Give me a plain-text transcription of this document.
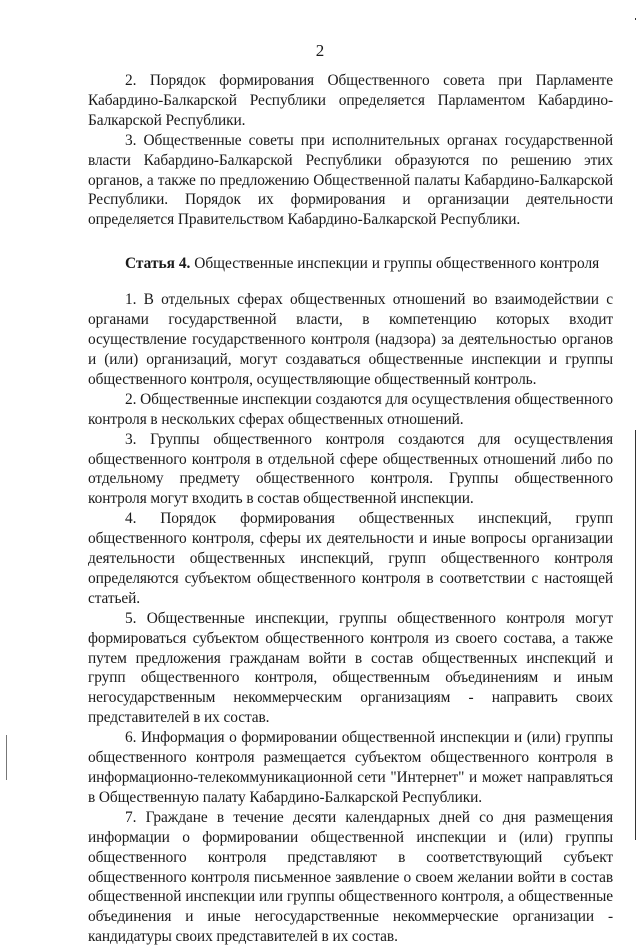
2

2. Порядок формирования Общественного совета при Парламенте Кабардино-Балкарской Республики определяется Парламентом Кабардино-Балкарской Республики.

3. Общественные советы при исполнительных органах государственной власти Кабардино-Балкарской Республики образуются по решению этих органов, а также по предложению Общественной палаты Кабардино-Балкарской Республики. Порядок их формирования и организации деятельности определяется Правительством Кабардино-Балкарской Республики.

Статья 4. Общественные инспекции и группы общественного контроля

1. В отдельных сферах общественных отношений во взаимодействии с органами государственной власти, в компетенцию которых входит осуществление государственного контроля (надзора) за деятельностью органов и (или) организаций, могут создаваться общественные инспекции и группы общественного контроля, осуществляющие общественный контроль.

2. Общественные инспекции создаются для осуществления общественного контроля в нескольких сферах общественных отношений.

3. Группы общественного контроля создаются для осуществления общественного контроля в отдельной сфере общественных отношений либо по отдельному предмету общественного контроля. Группы общественного контроля могут входить в состав общественной инспекции.

4. Порядок формирования общественных инспекций, групп общественного контроля, сферы их деятельности и иные вопросы организации деятельности общественных инспекций, групп общественного контроля определяются субъектом общественного контроля в соответствии с настоящей статьей.

5. Общественные инспекции, группы общественного контроля могут формироваться субъектом общественного контроля из своего состава, а также путем предложения гражданам войти в состав общественных инспекций и групп общественного контроля, общественным объединениям и иным негосударственным некоммерческим организациям - направить своих представителей в их состав.

6. Информация о формировании общественной инспекции и (или) группы общественного контроля размещается субъектом общественного контроля в информационно-телекоммуникационной сети "Интернет" и может направляться в Общественную палату Кабардино-Балкарской Республики.

7. Граждане в течение десяти календарных дней со дня размещения информации о формировании общественной инспекции и (или) группы общественного контроля представляют в соответствующий субъект общественного контроля письменное заявление о своем желании войти в состав общественной инспекции или группы общественного контроля, а общественные объединения и иные негосударственные некоммерческие организации - кандидатуры своих представителей в их состав.
